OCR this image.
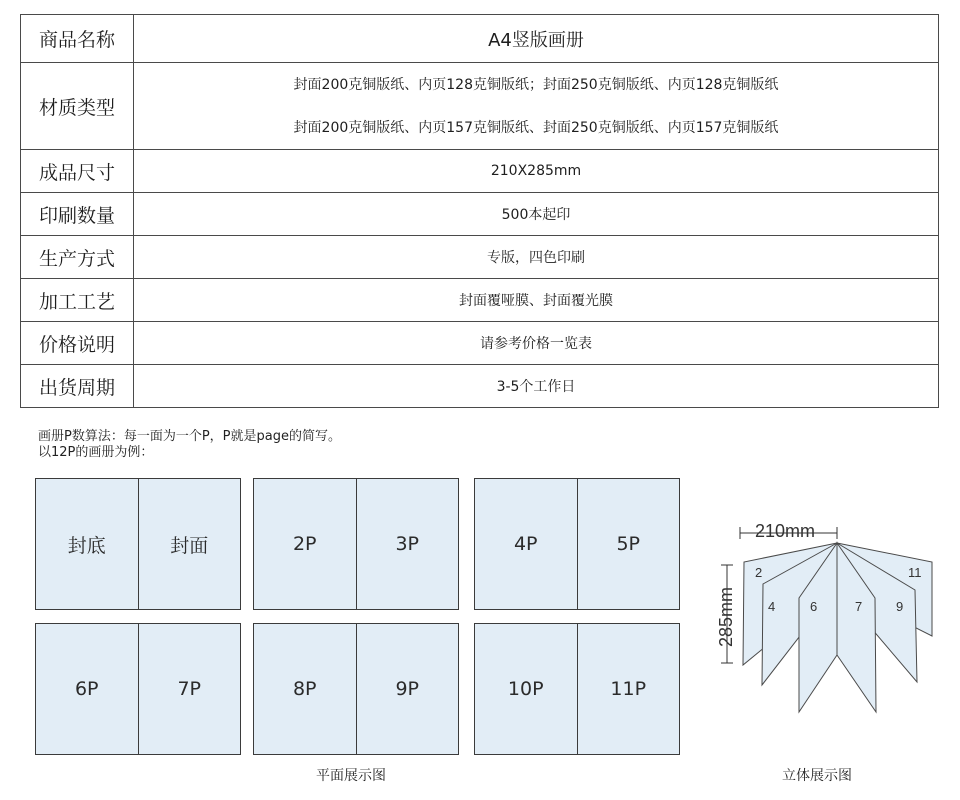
商品名称	A4竖版画册
材质类型	封面200克铜版纸、内页128克铜版纸；封面250克铜版纸、内页128克铜版纸
封面200克铜版纸、内页157克铜版纸、封面250克铜版纸、内页157克铜版纸

成品尺寸	210X285mm
印刷数量	500本起印
生产方式	专版，四色印刷
加工工艺	封面覆哑膜、封面覆光膜
价格说明	请参考价格一览表
出货周期	3-5个工作日
画册P数算法：每一面为一个P，P就是page的简写。
以12P的画册为例：
封底	封面	2P	3P	4P	5P
6P	7P	8P	9P	10P	11P
平面展示图
210mm
285mm
2
4	6	7	9
11
立体展示图
